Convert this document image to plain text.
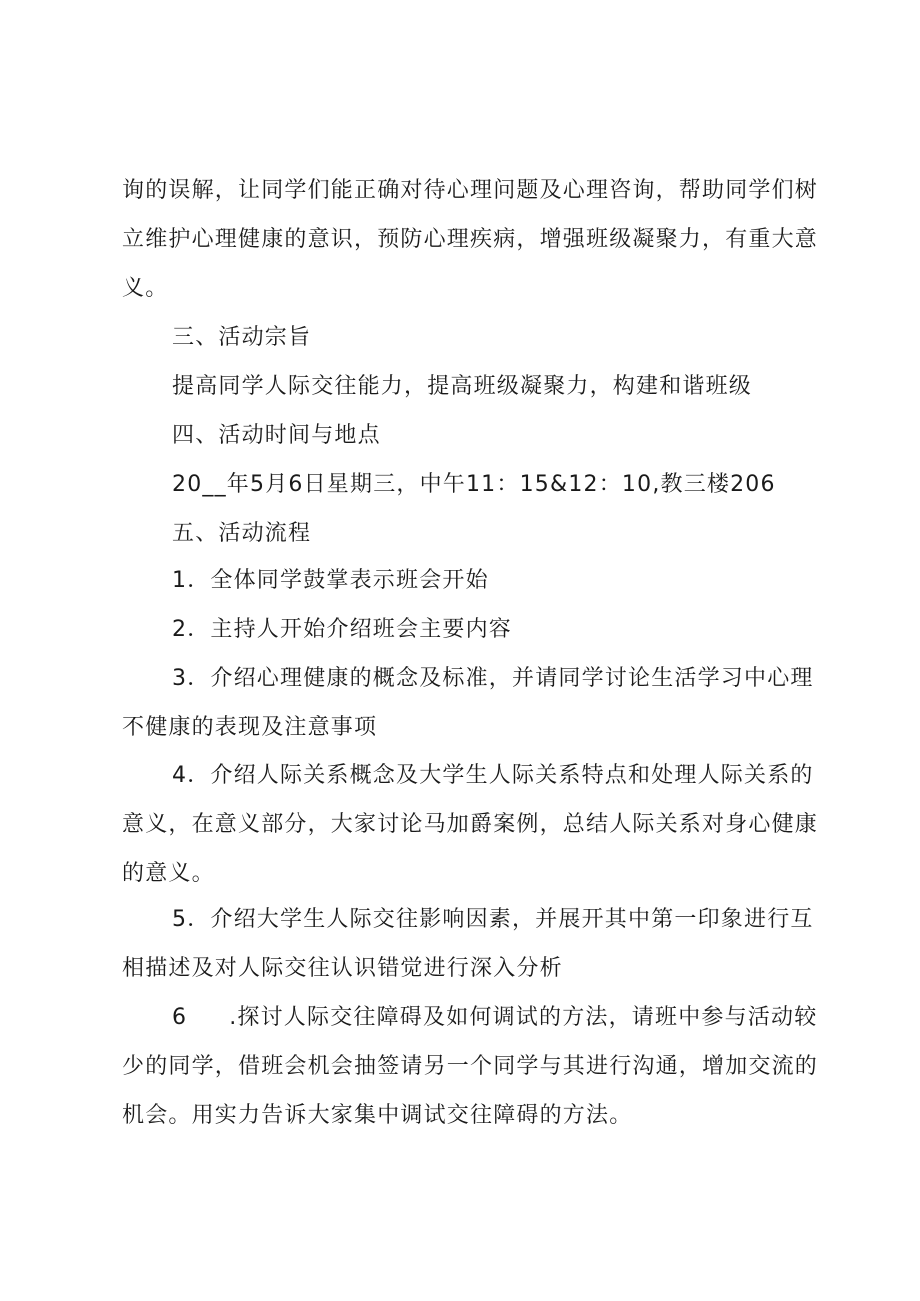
询的误解，让同学们能正确对待心理问题及心理咨询，帮助同学们树立维护心理健康的意识，预防心理疾病，增强班级凝聚力，有重大意义。

三、活动宗旨

提高同学人际交往能力，提高班级凝聚力，构建和谐班级

四、活动时间与地点

20__年5月6日星期三，中午11：15&12：10,教三楼206五、活动流程

1．全体同学鼓掌表示班会开始

2．主持人开始介绍班会主要内容

3．介绍心理健康的概念及标准，并请同学讨论生活学习中心理不健康的表现及注意事项

4．介绍人际关系概念及大学生人际关系特点和处理人际关系的意义，在意义部分，大家讨论马加爵案例，总结人际关系对身心健康的意义。

5．介绍大学生人际交往影响因素，并展开其中第一印象进行互相描述及对人际交往认识错觉进行深入分析

6 .探讨人际交往障碍及如何调试的方法，请班中参与活动较少的同学，借班会机会抽签请另一个同学与其进行沟通，增加交流的机会。用实力告诉大家集中调试交往障碍的方法。
